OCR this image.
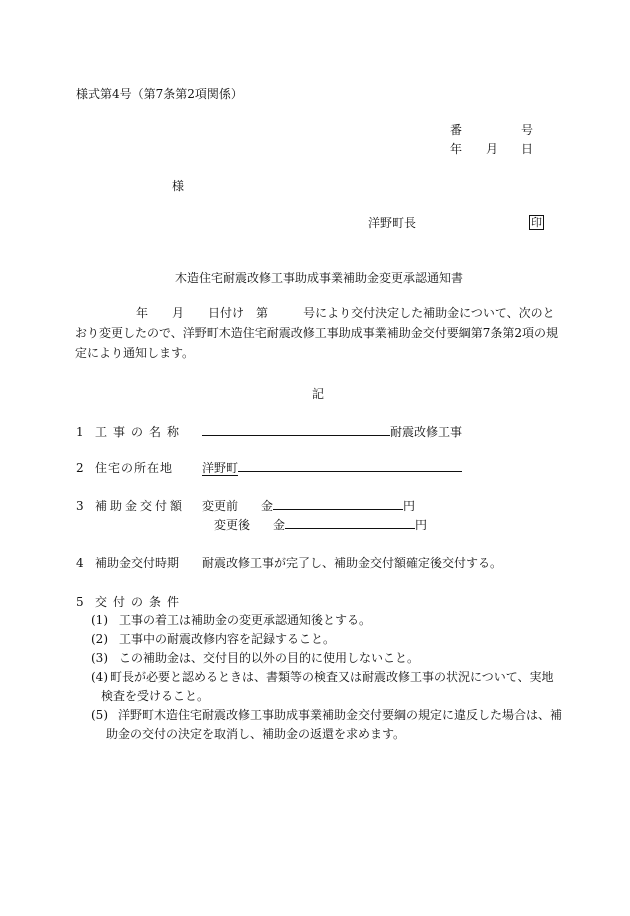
様式第4号（第7条第2項関係）
番	号
年 月 日
様
洋野町長	印
木造住宅耐震改修工事助成事業補助金変更承認通知書
年 月 日付け 第	号により交付決定した補助金について、次のと
おり変更したので、洋野町木造住宅耐震改修工事助成事業補助金交付要綱第7条第2項の規
定により通知します。
記
1 工事の名称	耐震改修工事
2 住宅の所在地 洋野町
3 補助金交付額 変更前 金	円
変更後 金	円
4 補助金交付時期 耐震改修工事が完了し、補助金交付額確定後交付する。
5 交付の条件
(1) 工事の着工は補助金の変更承認通知後とする。
(2) 工事中の耐震改修内容を記録すること。
(3) この補助金は、交付目的以外の目的に使用しないこと。
(4) 町長が必要と認めるときは、書類等の検査又は耐震改修工事の状況について、実地
検査を受けること。
(5) 洋野町木造住宅耐震改修工事助成事業補助金交付要綱の規定に違反した場合は、補
助金の交付の決定を取消し、補助金の返還を求めます。
